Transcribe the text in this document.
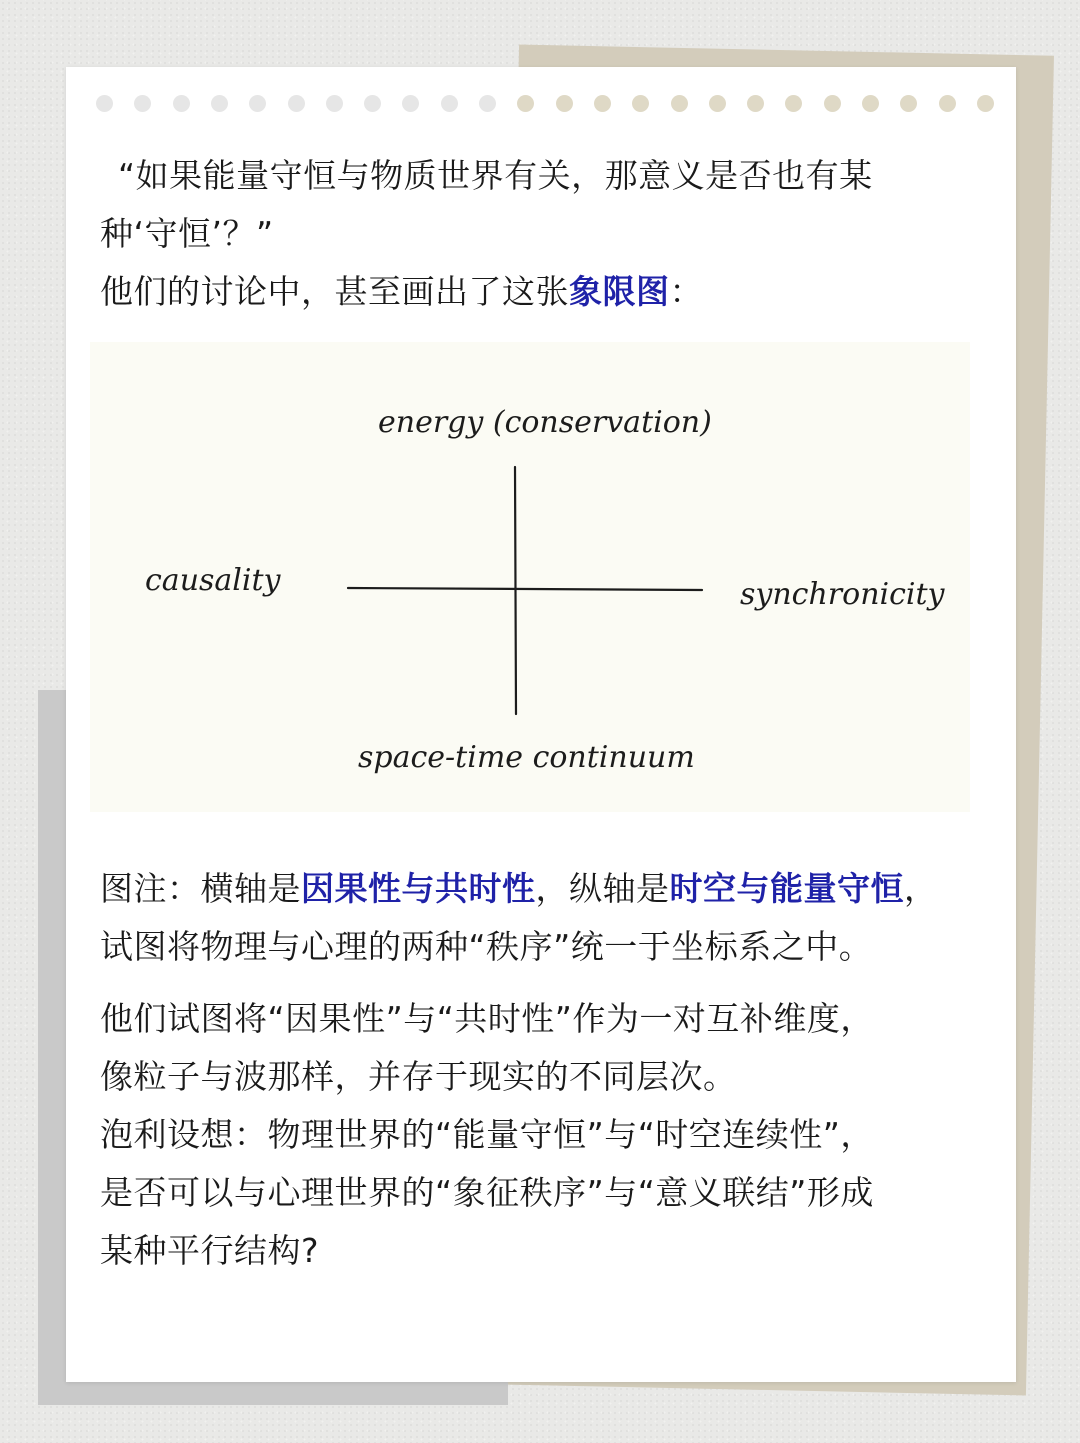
“如果能量守恒与物质世界有关，那意义是否也有某
种‘守恒’？”
他们的讨论中，甚至画出了这张象限图：
energy (conservation)
causality	synchronicity
space-time continuum
图注：横轴是因果性与共时性，纵轴是时空与能量守恒，
试图将物理与心理的两种“秩序”统一于坐标系之中。
他们试图将“因果性”与“共时性”作为一对互补维度，
像粒子与波那样，并存于现实的不同层次。
泡利设想：物理世界的“能量守恒”与“时空连续性”，
是否可以与心理世界的“象征秩序”与“意义联结”形成
某种平行结构?
